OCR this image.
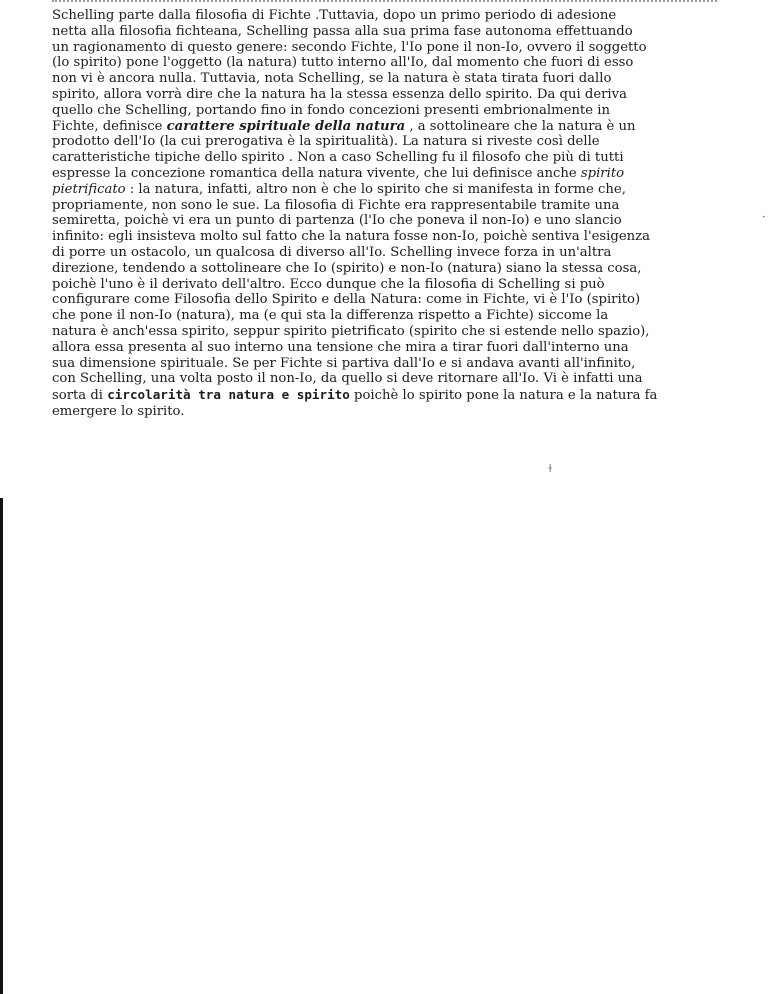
Schelling parte dalla filosofia di Fichte .Tuttavia, dopo un primo periodo di adesione
netta alla filosofia fichteana, Schelling passa alla sua prima fase autonoma effettuando
un ragionamento di questo genere: secondo Fichte, l'Io pone il non-Io, ovvero il soggetto
(lo spirito) pone l'oggetto (la natura) tutto interno all'Io, dal momento che fuori di esso
non vi è ancora nulla. Tuttavia, nota Schelling, se la natura è stata tirata fuori dallo
spirito, allora vorrà dire che la natura ha la stessa essenza dello spirito. Da qui deriva
quello che Schelling, portando fino in fondo concezioni presenti embrionalmente in
Fichte, definisce carattere spirituale della natura , a sottolineare che la natura è un
prodotto dell'Io (la cui prerogativa è la spiritualità). La natura si riveste così delle
caratteristiche tipiche dello spirito . Non a caso Schelling fu il filosofo che più di tutti
espresse la concezione romantica della natura vivente, che lui definisce anche spirito
pietrificato : la natura, infatti, altro non è che lo spirito che si manifesta in forme che,
propriamente, non sono le sue. La filosofia di Fichte era rappresentabile tramite una
semiretta, poichè vi era un punto di partenza (l'Io che poneva il non-Io) e uno slancio
infinito: egli insisteva molto sul fatto che la natura fosse non-Io, poichè sentiva l'esigenza
di porre un ostacolo, un qualcosa di diverso all'Io. Schelling invece forza in un'altra
direzione, tendendo a sottolineare che Io (spirito) e non-Io (natura) siano la stessa cosa,
poichè l'uno è il derivato dell'altro. Ecco dunque che la filosofia di Schelling si può
configurare come Filosofia dello Spirito e della Natura: come in Fichte, vi è l'Io (spirito)
che pone il non-Io (natura), ma (e qui sta la differenza rispetto a Fichte) siccome la
natura è anch'essa spirito, seppur spirito pietrificato (spirito che si estende nello spazio),
allora essa presenta al suo interno una tensione che mira a tirar fuori dall'interno una
sua dimensione spirituale. Se per Fichte si partiva dall'Io e si andava avanti all'infinito,
con Schelling, una volta posto il non-Io, da quello si deve ritornare all'Io. Vi è infatti una
sorta di circolarità tra natura e spirito poichè lo spirito pone la natura e la natura fa
emergere lo spirito.

ɫ
•
